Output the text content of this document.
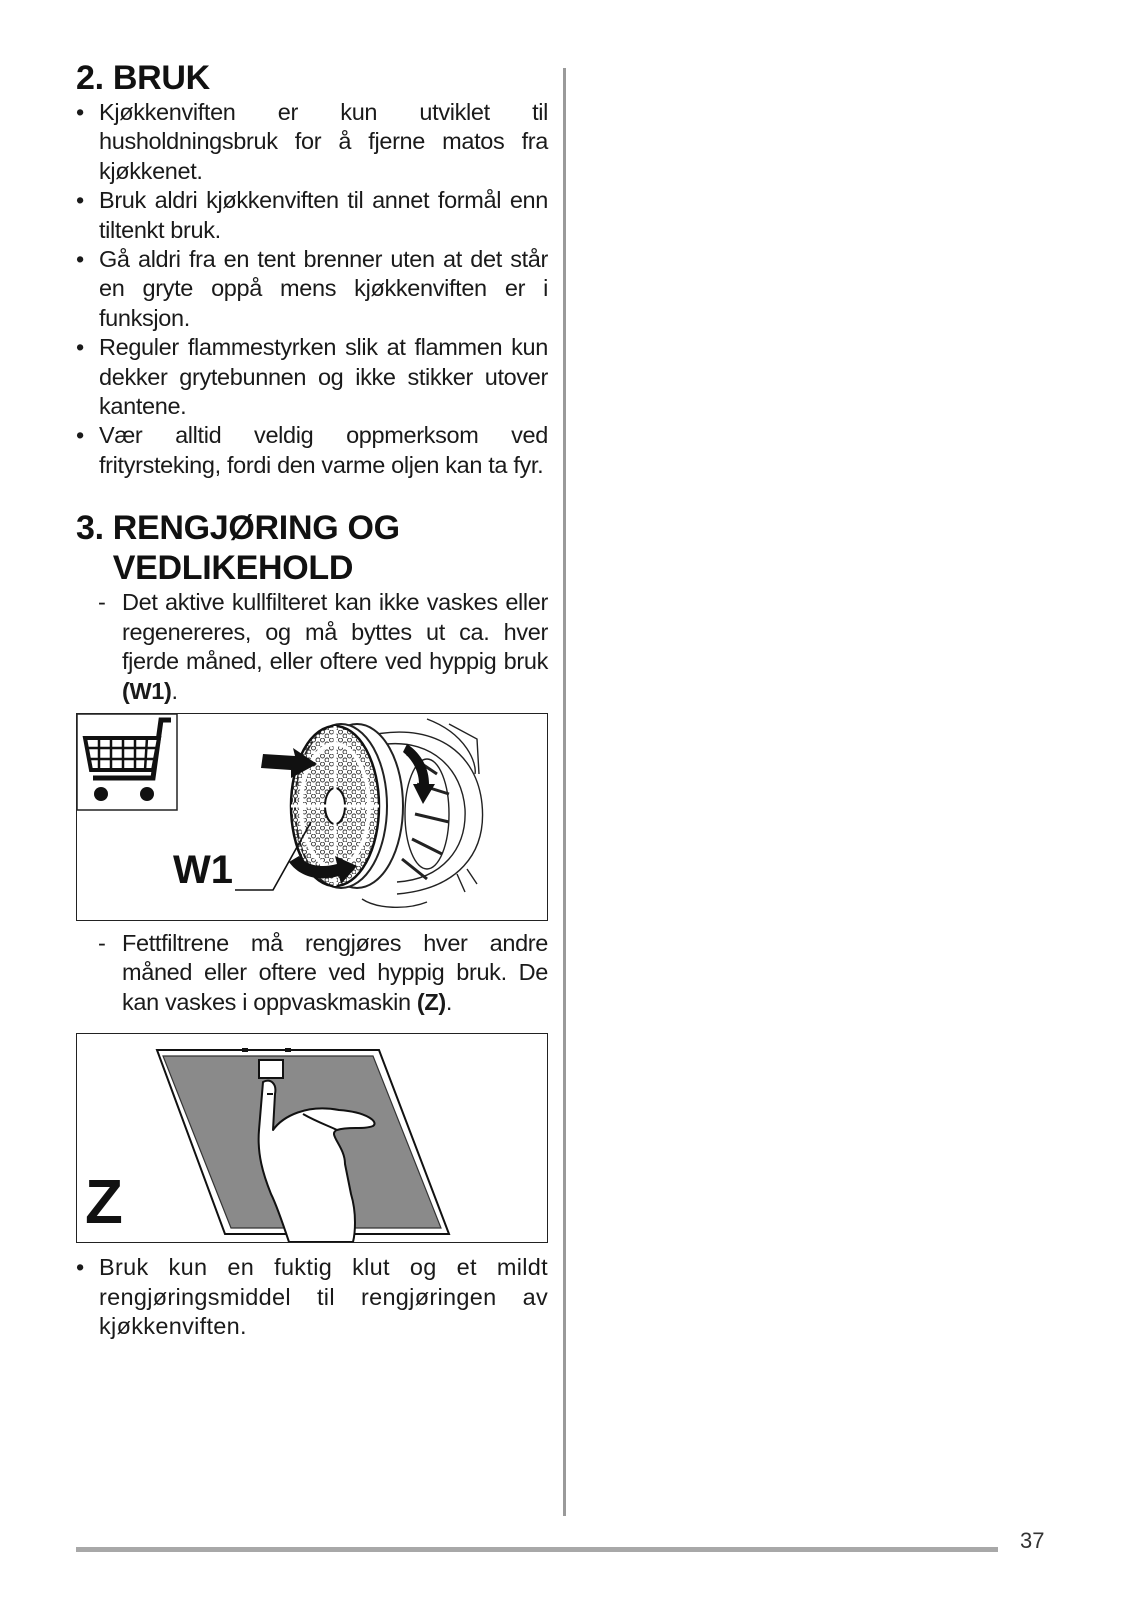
2. BRUK
• Kjøkkenviften er kun utviklet til husholdningsbruk for å fjerne matos fra kjøkkenet.
• Bruk aldri kjøkkenviften til annet formål enn tiltenkt bruk.
• Gå aldri fra en tent brenner uten at det står en gryte oppå mens kjøkkenviften er i funksjon.
• Reguler flammestyrken slik at flammen kun dekker grytebunnen og ikke stikker utover kantene.
• Vær alltid veldig oppmerksom ved frityrsteking, fordi den varme oljen kan ta fyr.
3. RENGJØRING OG VEDLIKEHOLD
- Det aktive kullfilteret kan ikke vaskes eller regenereres, og må byttes ut ca. hver fjerde måned, eller oftere ved hyppig bruk (W1).
W1
- Fettfiltrene må rengjøres hver andre måned eller oftere ved hyppig bruk. De kan vaskes i oppvaskmaskin (Z).
Z
• Bruk kun en fuktig klut og et mildt rengjøringsmiddel til rengjøringen av kjøkkenviften.
37
